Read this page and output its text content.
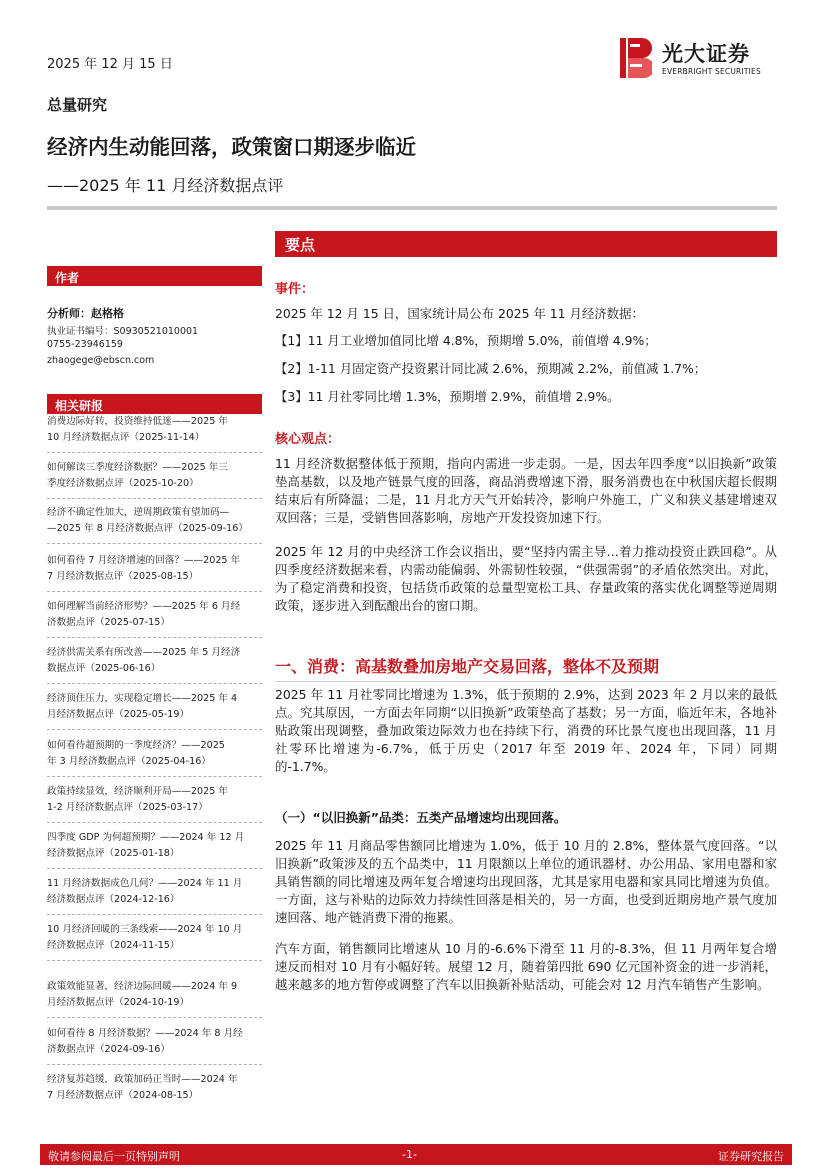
2025 年 12 月 15 日	光大证券
EVERBRIGHT SECURITIES
总量研究
经济内生动能回落，政策窗口期逐步临近
——2025 年 11 月经济数据点评
作者
分析师：赵格格
执业证书编号：S0930521010001
0755-23946159
zhaogege@ebscn.com
相关研报
消费边际好转，投资维持低迷——2025 年
10 月经济数据点评（2025-11-14）
如何解读三季度经济数据？——2025 年三
季度经济数据点评（2025-10-20）
经济不确定性加大，逆周期政策有望加码—
—2025 年 8 月经济数据点评（2025-09-16）
如何看待 7 月经济增速的回落？——2025 年
7 月经济数据点评（2025-08-15）
如何理解当前经济形势？——2025 年 6 月经
济数据点评（2025-07-15）
经济供需关系有所改善——2025 年 5 月经济
数据点评（2025-06-16）
经济顶住压力，实现稳定增长——2025 年 4
月经济数据点评（2025-05-19）
如何看待超预期的一季度经济？——2025
年 3 月经济数据点评（2025-04-16）
政策持续显效，经济顺利开局——2025 年
1-2 月经济数据点评（2025-03-17）
四季度 GDP 为何超预期？——2024 年 12 月
经济数据点评（2025-01-18）
11 月经济数据成色几何？——2024 年 11 月
经济数据点评（2024-12-16）
10 月经济回暖的三条线索——2024 年 10 月
经济数据点评（2024-11-15）
政策效能显著，经济边际回暖——2024 年 9
月经济数据点评（2024-10-19）
如何看待 8 月经济数据？——2024 年 8 月经
济数据点评（2024-09-16）
经济复苏趋缓，政策加码正当时——2024 年
7 月经济数据点评（2024-08-15）
要点
事件：
2025 年 12 月 15 日，国家统计局公布 2025 年 11 月经济数据：
【1】11 月工业增加值同比增 4.8%，预期增 5.0%，前值增 4.9%；
【2】1-11 月固定资产投资累计同比减 2.6%，预期减 2.2%，前值减 1.7%；
【3】11 月社零同比增 1.3%，预期增 2.9%，前值增 2.9%。
核心观点：
11 月经济数据整体低于预期，指向内需进一步走弱。一是，因去年四季度“以旧换新”政策垫高基数，以及地产链景气度的回落，商品消费增速下滑，服务消费也在中秋国庆超长假期结束后有所降温；二是，11 月北方天气开始转冷，影响户外施工，广义和狭义基建增速双双回落；三是，受销售回落影响，房地产开发投资加速下行。
2025 年 12 月的中央经济工作会议指出，要“坚持内需主导…着力推动投资止跌回稳”。从四季度经济数据来看，内需动能偏弱、外需韧性较强，“供强需弱”的矛盾依然突出。对此，为了稳定消费和投资，包括货币政策的总量型宽松工具、存量政策的落实优化调整等逆周期政策，逐步进入到酝酿出台的窗口期。
一、消费：高基数叠加房地产交易回落，整体不及预期
2025 年 11 月社零同比增速为 1.3%，低于预期的 2.9%，达到 2023 年 2 月以来的最低点。究其原因，一方面去年同期“以旧换新”政策垫高了基数；另一方面，临近年末，各地补贴政策出现调整，叠加政策边际效力也在持续下行，消费的环比景气度也出现回落，11 月社零环比增速为-6.7%，低于历史（2017 年至 2019 年、2024 年，下同）同期的-1.7%。
（一）“以旧换新”品类：五类产品增速均出现回落。
2025 年 11 月商品零售额同比增速为 1.0%，低于 10 月的 2.8%，整体景气度回落。“以旧换新”政策涉及的五个品类中，11 月限额以上单位的通讯器材、办公用品、家用电器和家具销售额的同比增速及两年复合增速均出现回落，尤其是家用电器和家具同比增速为负值。一方面，这与补贴的边际效力持续性回落是相关的，另一方面，也受到近期房地产景气度加速回落、地产链消费下滑的拖累。
汽车方面，销售额同比增速从 10 月的-6.6%下滑至 11 月的-8.3%，但 11 月两年复合增速反而相对 10 月有小幅好转。展望 12 月，随着第四批 690 亿元国补资金的进一步消耗，越来越多的地方暂停或调整了汽车以旧换新补贴活动，可能会对 12 月汽车销售产生影响。
敬请参阅最后一页特别声明	-1-	证券研究报告
